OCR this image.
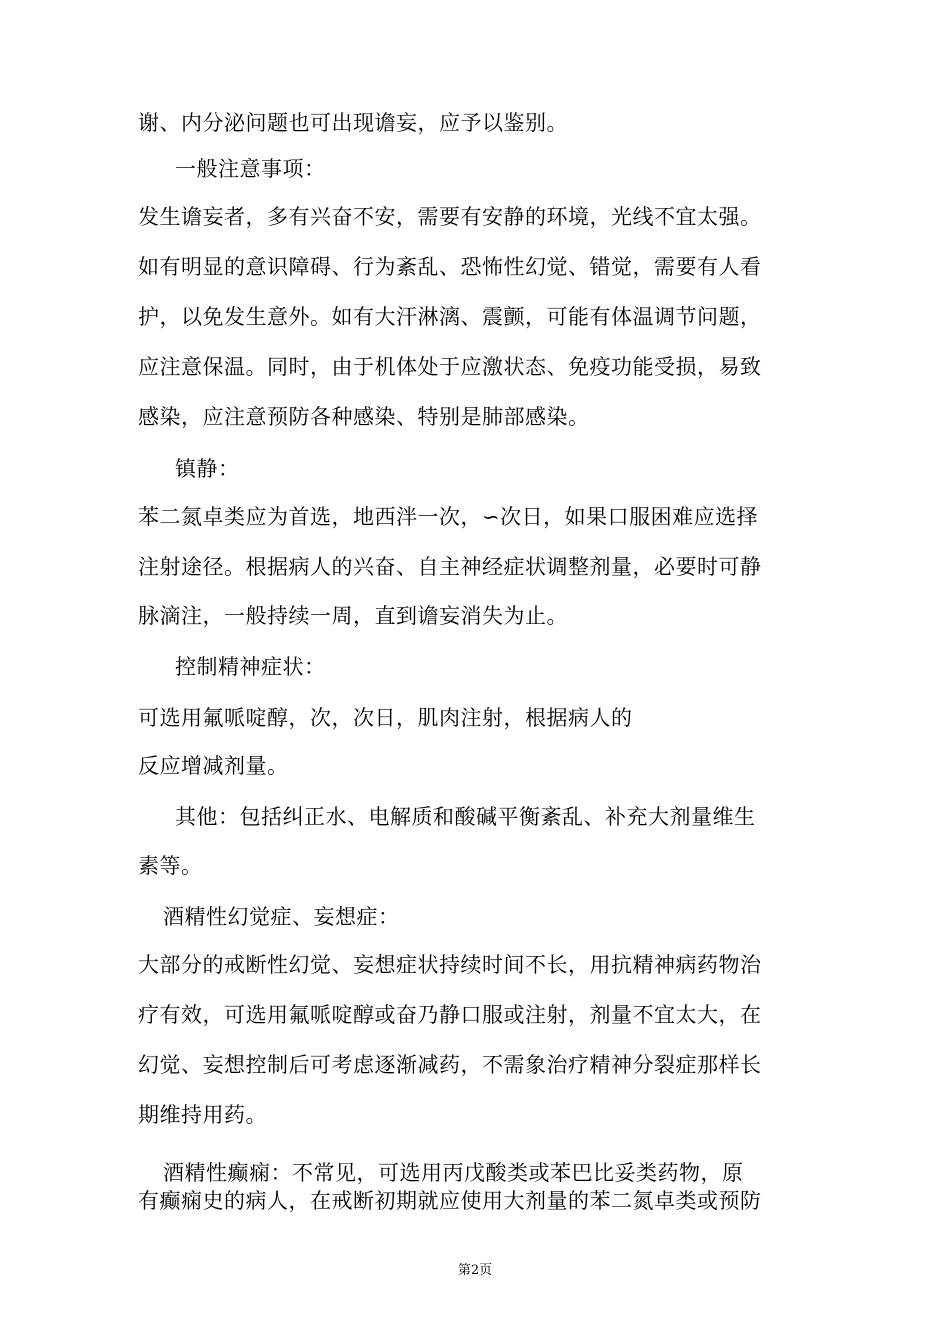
谢、内分泌问题也可出现谵妄，应予以鉴别。
一般注意事项：
发生谵妄者，多有兴奋不安，需要有安静的环境，光线不宜太强。
如有明显的意识障碍、行为紊乱、恐怖性幻觉、错觉，需要有人看
护，以免发生意外。如有大汗淋漓、震颤，可能有体温调节问题，
应注意保温。同时，由于机体处于应激状态、免疫功能受损，易致
感染，应注意预防各种感染、特别是肺部感染。
镇静：
苯二氮卓类应为首选，地西泮一次，∽次日，如果口服困难应选择
注射途径。根据病人的兴奋、自主神经症状调整剂量，必要时可静
脉滴注，一般持续一周，直到谵妄消失为止。
控制精神症状：
可选用氟哌啶醇，次，次日，肌肉注射，根据病人的
反应增减剂量。
其他：包括纠正水、电解质和酸碱平衡紊乱、补充大剂量维生
素等。
酒精性幻觉症、妄想症：
大部分的戒断性幻觉、妄想症状持续时间不长，用抗精神病药物治
疗有效，可选用氟哌啶醇或奋乃静口服或注射，剂量不宜太大，在
幻觉、妄想控制后可考虑逐渐减药，不需象治疗精神分裂症那样长
期维持用药。
酒精性癫痫：不常见，可选用丙戊酸类或苯巴比妥类药物，原
有癫痫史的病人，在戒断初期就应使用大剂量的苯二氮卓类或预防
第2页
